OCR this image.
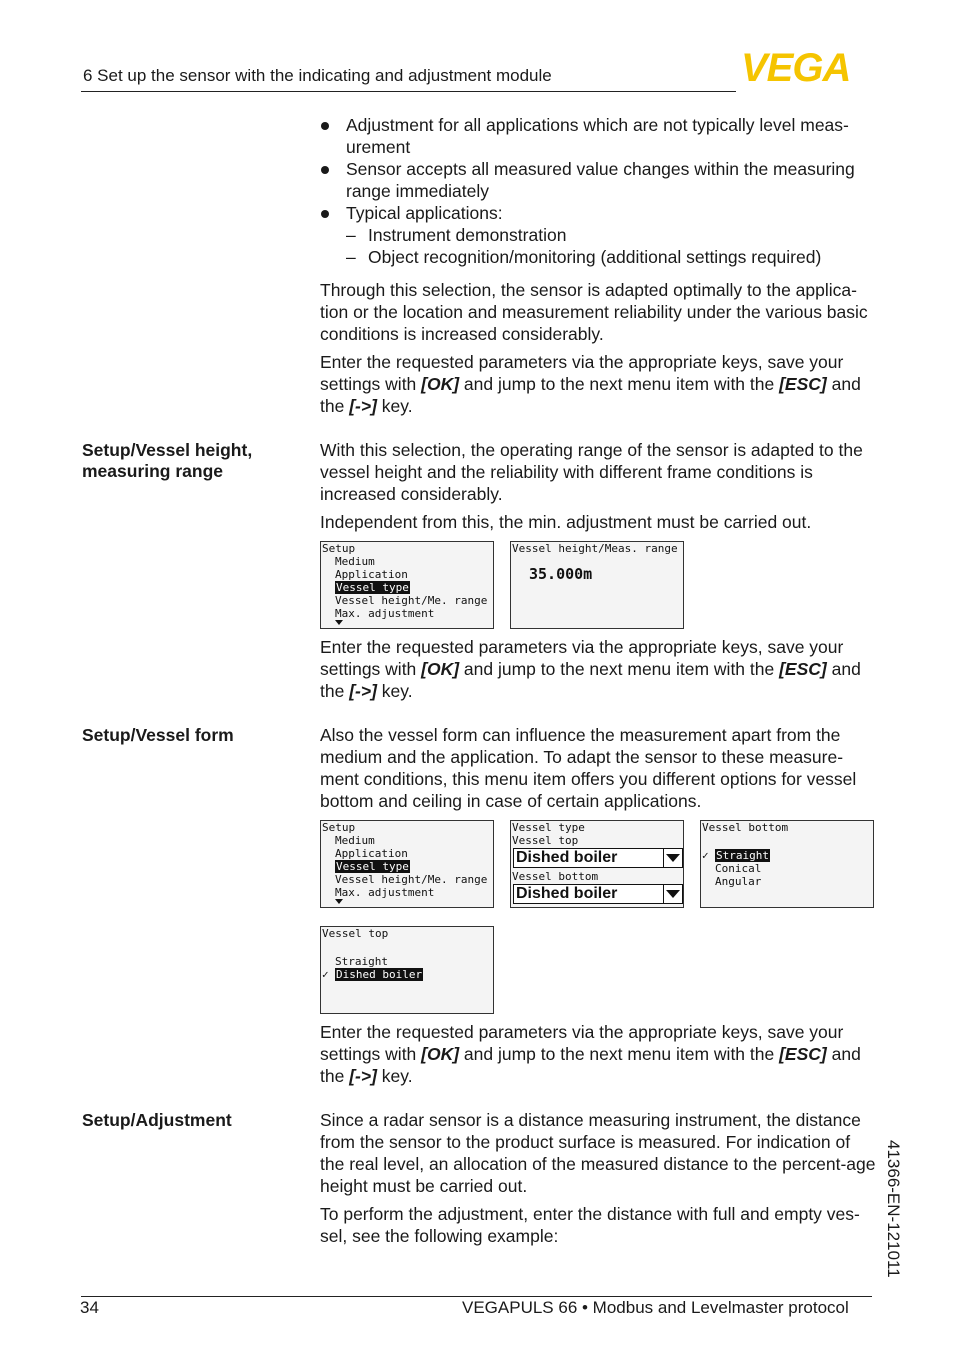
6 Set up the sensor with the indicating and adjustment module	VEGA
Adjustment for all applications which are not typically level meas-urement
Sensor accepts all measured value changes within the measuring range immediately
Typical applications:
– Instrument demonstration
– Object recognition/monitoring (additional settings required)

Through this selection, the sensor is adapted optimally to the applica-tion or the location and measurement reliability under the various basic conditions is increased considerably.

Enter the requested parameters via the appropriate keys, save your settings with [OK] and jump to the next menu item with the [ESC] and the [->] key.

Setup/Vessel height,
measuring range

With this selection, the operating range of the sensor is adapted to the vessel height and the reliability with different frame conditions is increased considerably.

Independent from this, the min. adjustment must be carried out.

Setup
Medium
Application
Vessel type
Vessel height/Me. range
Max. adjustment
Vessel height/Meas. range
35.000m

Enter the requested parameters via the appropriate keys, save your settings with [OK] and jump to the next menu item with the [ESC] and the [->] key.

Setup/Vessel form	Also the vessel form can influence the measurement apart from the medium and the application. To adapt the sensor to these measure-ment conditions, this menu item offers you different options for vessel bottom and ceiling in case of certain applications.

Setup
Medium
Application
Vessel type
Vessel height/Me. range
Max. adjustment
Vessel type
Vessel top
Dished boiler
Vessel bottom
Dished boiler
Vessel bottom
✓ Straight
Conical
Angular
Vessel top
Straight
✓ Dished boiler

Enter the requested parameters via the appropriate keys, save your settings with [OK] and jump to the next menu item with the [ESC] and the [->] key.

Setup/Adjustment	Since a radar sensor is a distance measuring instrument, the distance from the sensor to the product surface is measured. For indication of the real level, an allocation of the measured distance to the percent-age height must be carried out.

To perform the adjustment, enter the distance with full and empty ves-sel, see the following example:	41366-EN-121011
34	VEGAPULS 66 • Modbus and Levelmaster protocol
